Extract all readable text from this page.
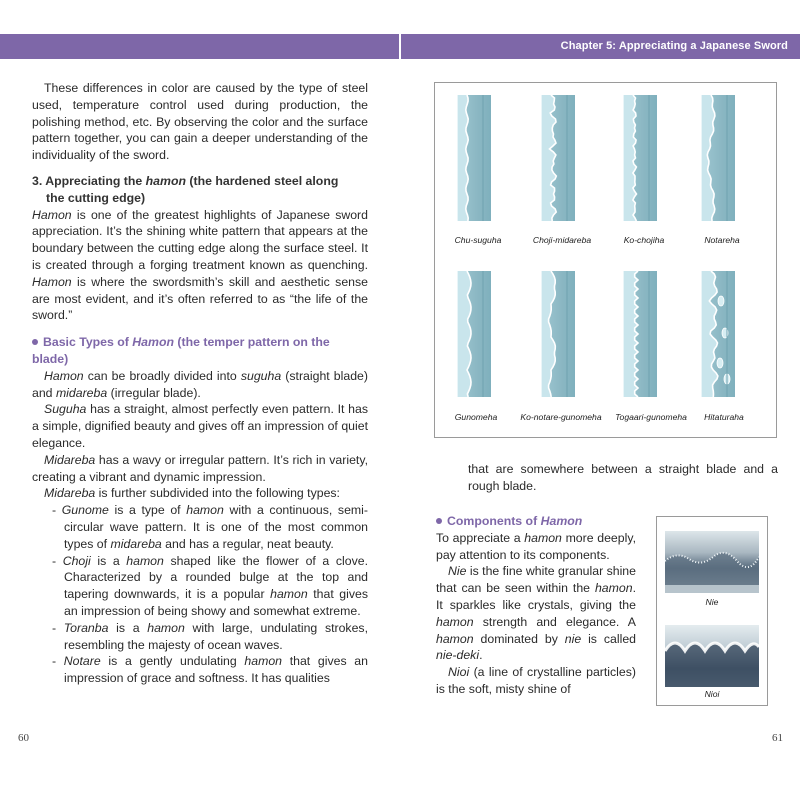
Chapter 5: Appreciating a Japanese Sword

These differences in color are caused by the type of steel used, temperature control used during production, the polishing method, etc. By observing the color and the surface pattern together, you can gain a deeper understanding of the individuality of the sword.

3. Appreciating the hamon (the hardened steel along
the cutting edge)

Hamon is one of the greatest highlights of Japanese sword appreciation. It’s the shining white pattern that appears at the boundary between the cutting edge along the surface steel. It is created through a forging treatment known as quenching. Hamon is where the swordsmith’s skill and aesthetic sense are most evident, and it’s often referred to as “the life of the sword.”

Basic Types of Hamon (the temper pattern on the blade)

Hamon can be broadly divided into suguha (straight blade) and midareba (irregular blade).

Suguha has a straight, almost perfectly even pattern. It has a simple, dignified beauty and gives off an impression of quiet elegance.

Midareba has a wavy or irregular pattern. It’s rich in variety, creating a vibrant and dynamic impression.

Midareba is further subdivided into the following types:

- Gunome is a type of hamon with a continuous, semi-circular wave pattern. It is one of the most common types of midareba and has a regular, neat beauty.

- Choji is a hamon shaped like the flower of a clove. Characterized by a rounded bulge at the top and tapering downwards, it is a popular hamon that gives an impression of being showy and somewhat extreme.

- Toranba is a hamon with large, undulating strokes, resembling the majesty of ocean waves.

- Notare is a gently undulating hamon that gives an impression of grace and softness. It has qualities

60	61
Chu-suguha	Choji-midareba	Ko-chojiha	Notareha
Gunomeha	Ko-notare-gunomeha	Togaari-gunomeha	Hitaturaha
that are somewhere between a straight blade and a rough blade.
Components of Hamon

To appreciate a hamon more deeply, pay attention to its components.

Nie is the fine white granular shine that can be seen within the hamon. It sparkles like crystals, giving the hamon strength and elegance. A hamon dominated by nie is called nie-deki.

Nioi (a line of crystalline particles) is the soft, misty shine of

Nie
Nioi
